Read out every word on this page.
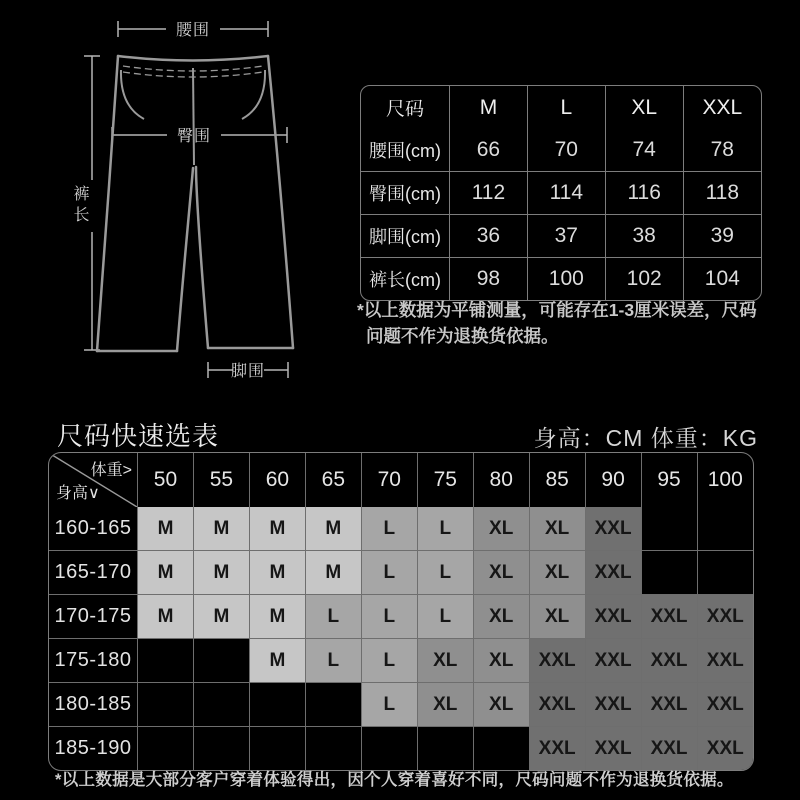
腰围
臀围
脚围
裤
长
尺码	M	L	XL	XXL
腰围(cm)	66	70	74	78
臀围(cm)	112	114	116	118
脚围(cm)	36	37	38	39
裤长(cm)	98	100	102	104
*以上数据为平铺测量，可能存在1-3厘米误差，尺码
问题不作为退换货依据。
尺码快速选表	身高：CM 体重：KG
体重>
身高∨	50	55	60	65	70	75	80	85	90	95	100
160-165	M	M	M	M	L	L	XL	XL	XXL		
165-170	M	M	M	M	L	L	XL	XL	XXL		
170-175	M	M	M	L	L	L	XL	XL	XXL	XXL	XXL
175-180			M	L	L	XL	XL	XXL	XXL	XXL	XXL
180-185					L	XL	XL	XXL	XXL	XXL	XXL
185-190								XXL	XXL	XXL	XXL
*以上数据是大部分客户穿着体验得出，因个人穿着喜好不同，尺码问题不作为退换货依据。
